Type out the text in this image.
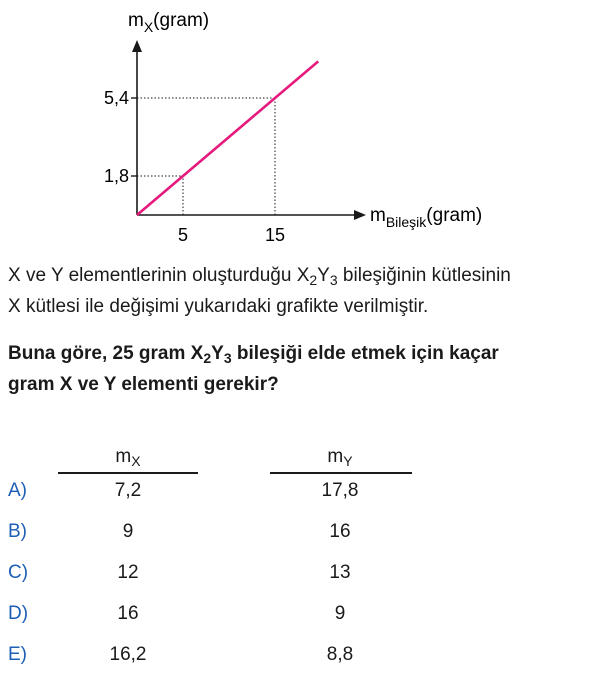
5	15
1,8
5,4
$m_X(gram)$
$m_{Bileşik}(gram)$
X ve Y elementlerinin oluşturduğu $X_2Y_3$ bileşiğinin kütlesinin
X kütlesi ile değişimi yukarıdaki grafikte verilmiştir.
Buna göre, 25 gram $X_2Y_3$ bileşiği elde etmek için kaçar
gram X ve Y elementi gerekir?
$m_X$	$m_Y$
A)	7,2	17,8
B)	9	16
C)	12	13
D)	16	9
E)	16,2	8,8
